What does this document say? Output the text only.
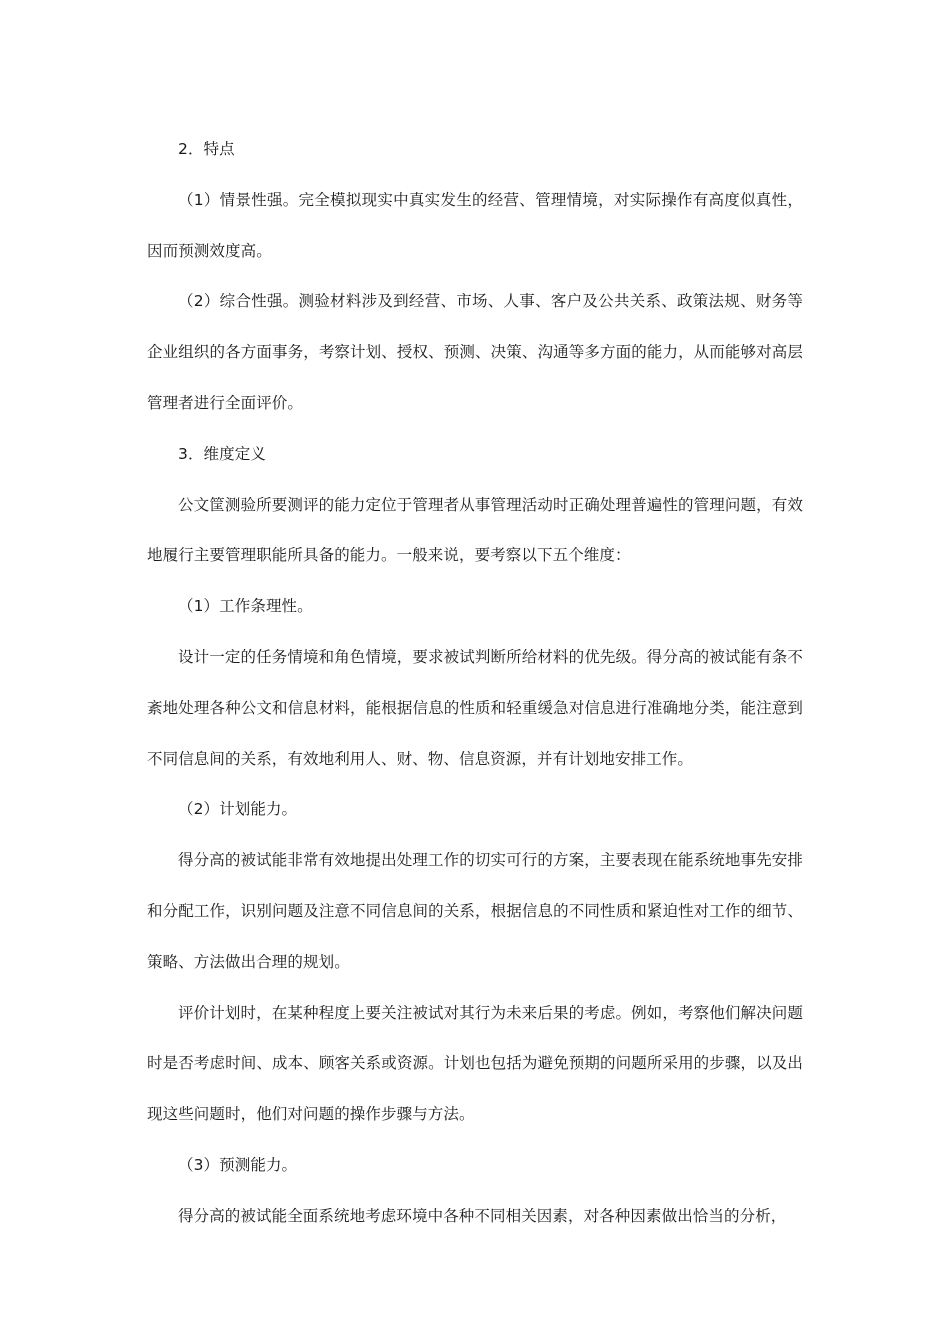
2．特点

（1）情景性强。完全模拟现实中真实发生的经营、管理情境，对实际操作有高度似真性，因而预测效度高。

（2）综合性强。测验材料涉及到经营、市场、人事、客户及公共关系、政策法规、财务等企业组织的各方面事务，考察计划、授权、预测、决策、沟通等多方面的能力，从而能够对高层管理者进行全面评价。

3．维度定义

公文筐测验所要测评的能力定位于管理者从事管理活动时正确处理普遍性的管理问题，有效地履行主要管理职能所具备的能力。一般来说，要考察以下五个维度：

（1）工作条理性。

设计一定的任务情境和角色情境，要求被试判断所给材料的优先级。得分高的被试能有条不紊地处理各种公文和信息材料，能根据信息的性质和轻重缓急对信息进行准确地分类，能注意到不同信息间的关系，有效地利用人、财、物、信息资源，并有计划地安排工作。

（2）计划能力。

得分高的被试能非常有效地提出处理工作的切实可行的方案，主要表现在能系统地事先安排和分配工作，识别问题及注意不同信息间的关系，根据信息的不同性质和紧迫性对工作的细节、策略、方法做出合理的规划。

评价计划时，在某种程度上要关注被试对其行为未来后果的考虑。例如，考察他们解决问题时是否考虑时间、成本、顾客关系或资源。计划也包括为避免预期的问题所采用的步骤，以及出现这些问题时，他们对问题的操作步骤与方法。

（3）预测能力。

得分高的被试能全面系统地考虑环境中各种不同相关因素，对各种因素做出恰当的分析，
